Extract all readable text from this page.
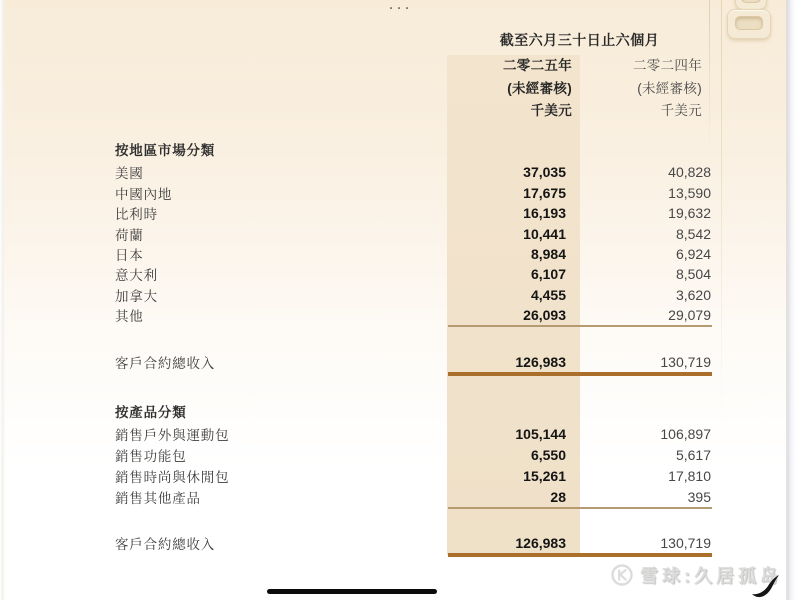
...
截至六月三十日止六個月
二零二五年
(未經審核)
千美元
二零二四年
(未經審核)
千美元
按地區市場分類
美國	37,035	40,828
中國內地	17,675	13,590
比利時	16,193	19,632
荷蘭	10,441	8,542
日本	8,984	6,924
意大利	6,107	8,504
加拿大	4,455	3,620
其他	26,093	29,079
客戶合約總收入	126,983	130,719
按產品分類
銷售戶外與運動包	105,144	106,897
銷售功能包	6,550	5,617
銷售時尚與休閒包	15,261	17,810
銷售其他產品	28	395
客戶合約總收入	126,983	130,719
雪球:久居孤岛
